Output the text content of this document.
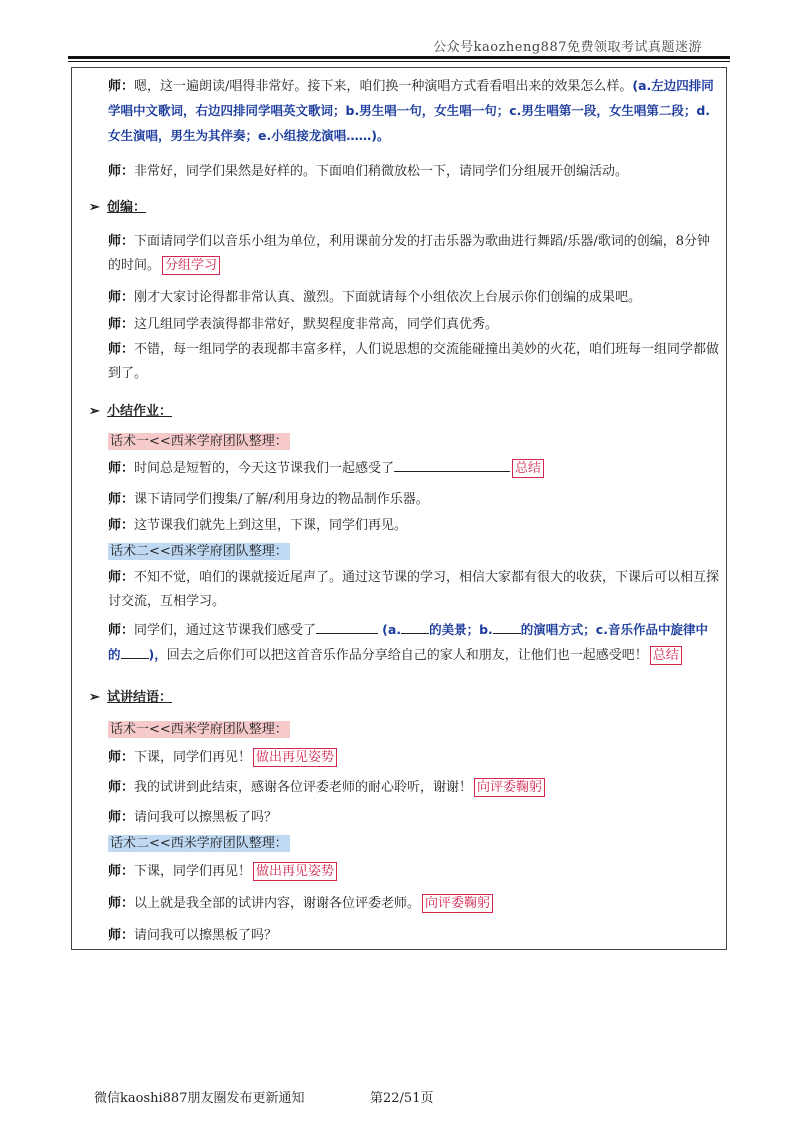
公众号kaozheng887免费领取考试真题迷游
师：嗯，这一遍朗读/唱得非常好。接下来，咱们换一种演唱方式看看唱出来的效果怎么样。(a.左边四排同学唱中文歌词，右边四排同学唱英文歌词；b.男生唱一句，女生唱一句；c.男生唱第一段，女生唱第二段；d.女生演唱，男生为其伴奏；e.小组接龙演唱……)。
师：非常好，同学们果然是好样的。下面咱们稍微放松一下，请同学们分组展开创编活动。
➢ 创编：
师：下面请同学们以音乐小组为单位，利用课前分发的打击乐器为歌曲进行舞蹈/乐器/歌词的创编，8分钟的时间。 分组学习
师：刚才大家讨论得都非常认真、激烈。下面就请每个小组依次上台展示你们创编的成果吧。
师：这几组同学表演得都非常好，默契程度非常高，同学们真优秀。
师：不错，每一组同学的表现都丰富多样，人们说思想的交流能碰撞出美妙的火花，咱们班每一组同学都做到了。
➢ 小结作业：
话术一<<西米学府团队整理：
师：时间总是短暂的，今天这节课我们一起感受了	总结
师：课下请同学们搜集/了解/利用身边的物品制作乐器。
师：这节课我们就先上到这里，下课，同学们再见。
话术二<<西米学府团队整理：
师：不知不觉，咱们的课就接近尾声了。通过这节课的学习，相信大家都有很大的收获，下课后可以相互探讨交流，互相学习。
师：同学们，通过这节课我们感受了	(a. 的美景；b. 的演唱方式；c.音乐作品中旋律中的 )，回去之后你们可以把这首音乐作品分享给自己的家人和朋友，让他们也一起感受吧！ 总结
➢ 试讲结语：
话术一<<西米学府团队整理：
师：下课，同学们再见！ 做出再见姿势
师：我的试讲到此结束，感谢各位评委老师的耐心聆听，谢谢！ 向评委鞠躬
师：请问我可以擦黑板了吗？
话术二<<西米学府团队整理：
师：下课，同学们再见！ 做出再见姿势
师：以上就是我全部的试讲内容，谢谢各位评委老师。 向评委鞠躬
师：请问我可以擦黑板了吗？
微信kaoshi887朋友圈发布更新通知	第22/51页
